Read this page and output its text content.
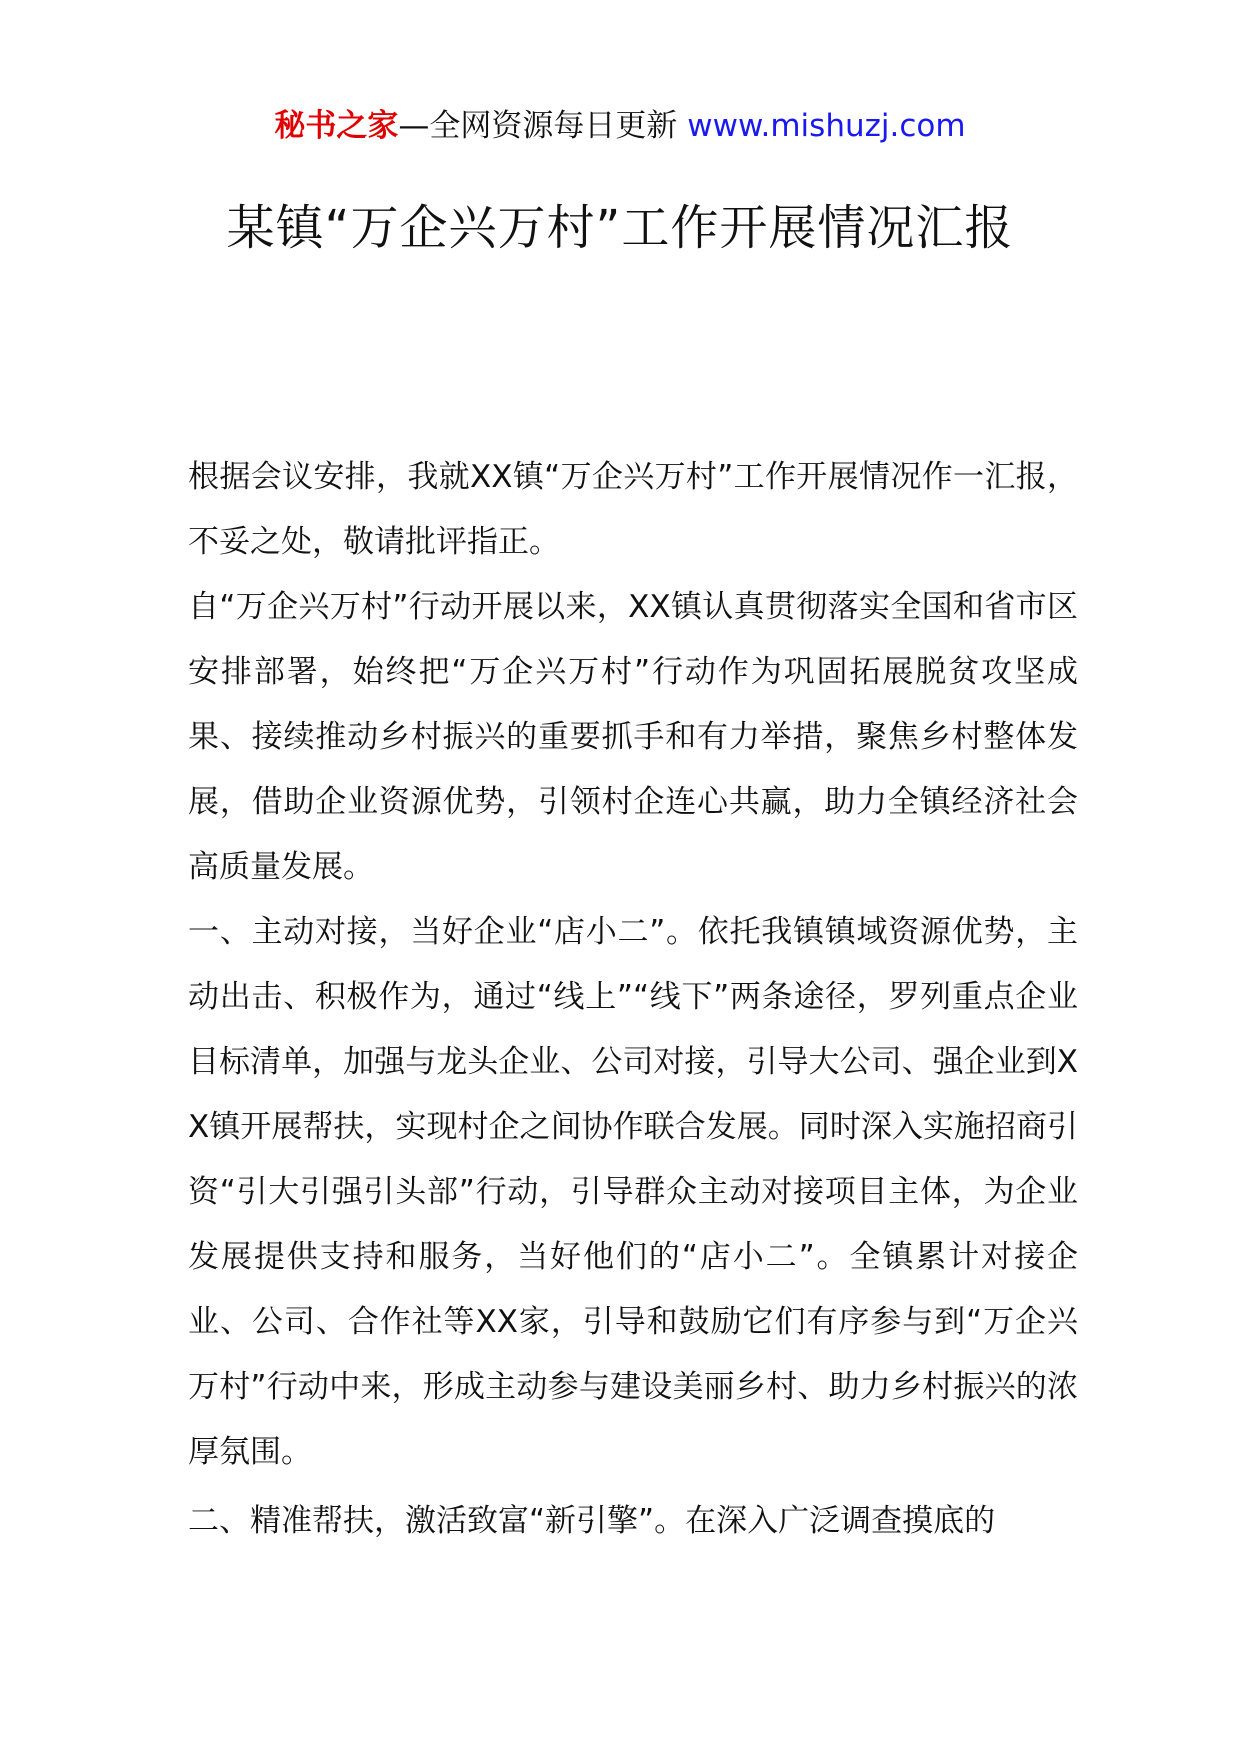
秘书之家—全网资源每日更新 www.mishuzj.com
某镇“万企兴万村”工作开展情况汇报

根据会议安排，我就XX镇“万企兴万村”工作开展情况作一汇报，不妥之处，敬请批评指正。

自“万企兴万村”行动开展以来，XX镇认真贯彻落实全国和省市区安排部署，始终把“万企兴万村”行动作为巩固拓展脱贫攻坚成果、接续推动乡村振兴的重要抓手和有力举措，聚焦乡村整体发展，借助企业资源优势，引领村企连心共赢，助力全镇经济社会高质量发展。

一、主动对接，当好企业“店小二”。依托我镇镇域资源优势，主动出击、积极作为，通过“线上”“线下”两条途径，罗列重点企业目标清单，加强与龙头企业、公司对接，引导大公司、强企业到XX镇开展帮扶，实现村企之间协作联合发展。同时深入实施招商引资“引大引强引头部”行动，引导群众主动对接项目主体，为企业发展提供支持和服务，当好他们的“店小二”。全镇累计对接企业、公司、合作社等XX家，引导和鼓励它们有序参与到“万企兴万村”行动中来，形成主动参与建设美丽乡村、助力乡村振兴的浓厚氛围。

二、精准帮扶，激活致富“新引擎”。在深入广泛调查摸底的
